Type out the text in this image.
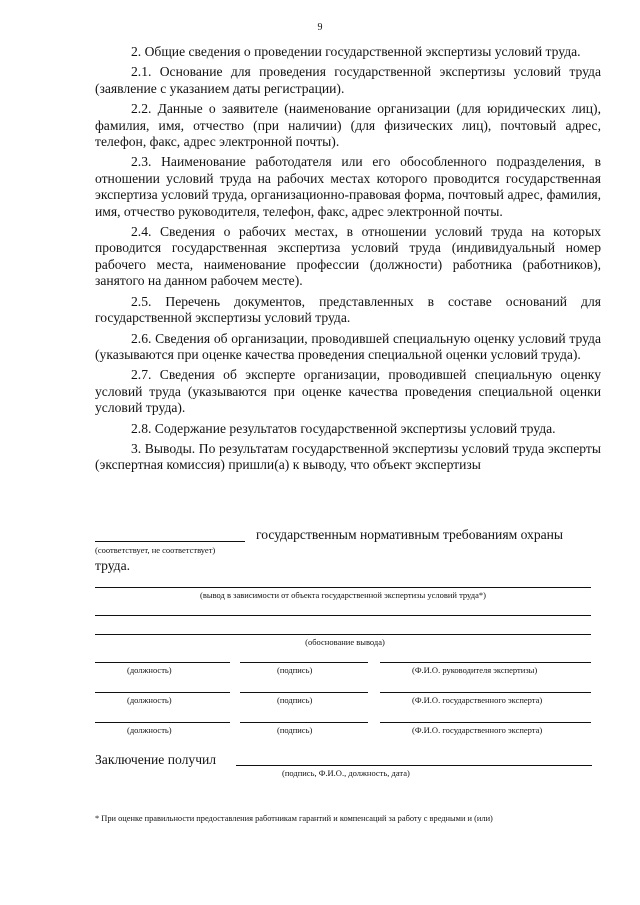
9

2. Общие сведения о проведении государственной экспертизы условий труда.

2.1. Основание для проведения государственной экспертизы условий труда (заявление с указанием даты регистрации).

2.2. Данные о заявителе (наименование организации (для юридических лиц), фамилия, имя, отчество (при наличии) (для физических лиц), почтовый адрес, телефон, факс, адрес электронной почты).

2.3. Наименование работодателя или его обособленного подразделения, в отношении условий труда на рабочих местах которого проводится государственная экспертиза условий труда, организационно-правовая форма, почтовый адрес, фамилия, имя, отчество руководителя, телефон, факс, адрес электронной почты.

2.4. Сведения о рабочих местах, в отношении условий труда на которых проводится государственная экспертиза условий труда (индивидуальный номер рабочего места, наименование профессии (должности) работника (работников), занятого на данном рабочем месте).

2.5. Перечень документов, представленных в составе оснований для государственной экспертизы условий труда.

2.6. Сведения об организации, проводившей специальную оценку условий труда (указываются при оценке качества проведения специальной оценки условий труда).

2.7. Сведения об эксперте организации, проводившей специальную оценку условий труда (указываются при оценке качества проведения специальной оценки условий труда).

2.8. Содержание результатов государственной экспертизы условий труда.

3. Выводы. По результатам государственной экспертизы условий труда эксперты (экспертная комиссия) пришли(а) к выводу, что объект экспертизы

государственным нормативным требованиям охраны
(соответствует, не соответствует)
труда.
(вывод в зависимости от объекта государственной экспертизы условий труда*)
(обоснование вывода)
(должность)	(подпись)	(Ф.И.О. руководителя экспертизы)
(должность)	(подпись)	(Ф.И.О. государственного эксперта)
(должность)	(подпись)	(Ф.И.О. государственного эксперта)
Заключение получил
(подпись, Ф.И.О., должность, дата)
* При оценке правильности предоставления работникам гарантий и компенсаций за работу с вредными и (или)
